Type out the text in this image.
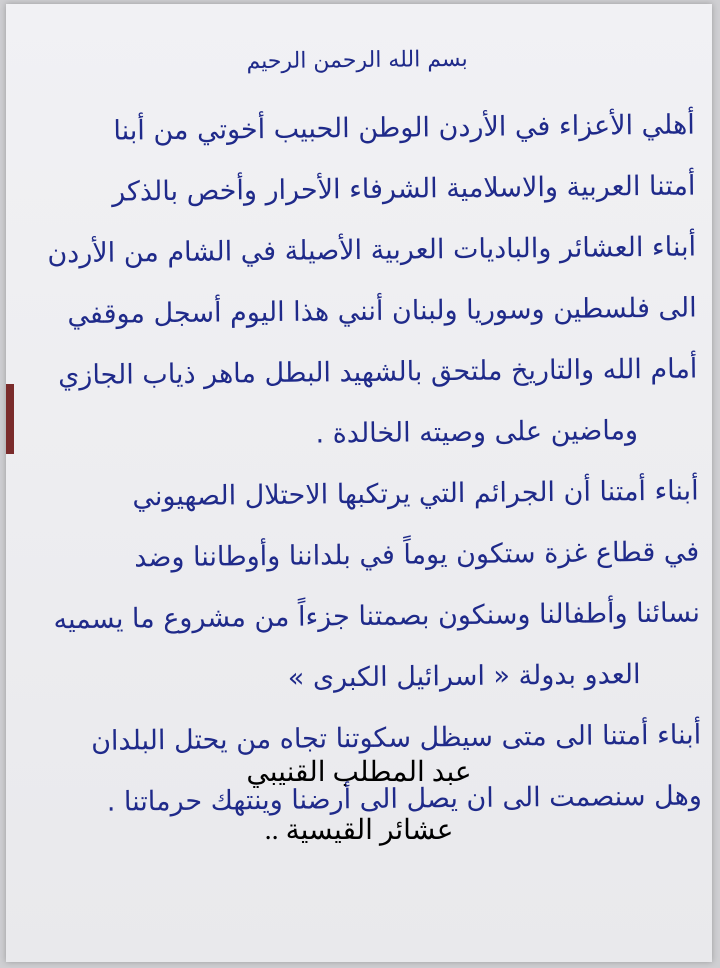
بسم الله الرحمن الرحيم
أهلي الأعزاء في الأردن الوطن الحبيب أخوتي من أبنا
أمتنا العربية والاسلامية الشرفاء الأحرار وأخص بالذكر
أبناء العشائر والباديات العربية الأصيلة في الشام من الأردن
الى فلسطين وسوريا ولبنان أنني هذا اليوم أسجل موقفي
أمام الله والتاريخ ملتحق بالشهيد البطل ماهر ذياب الجازي
وماضين على وصيته الخالدة .
أبناء أمتنا أن الجرائم التي يرتكبها الاحتلال الصهيوني
في قطاع غزة ستكون يوماً في بلداننا وأوطاننا وضد
نسائنا وأطفالنا وسنكون بصمتنا جزءاً من مشروع ما يسميه
العدو بدولة « اسرائيل الكبرى »
أبناء أمتنا الى متى سيظل سكوتنا تجاه من يحتل البلدان
وهل سنصمت الى ان يصل الى أرضنا وينتهك حرماتنا .
عبد المطلب القنيبي
عشائر القيسية ..
